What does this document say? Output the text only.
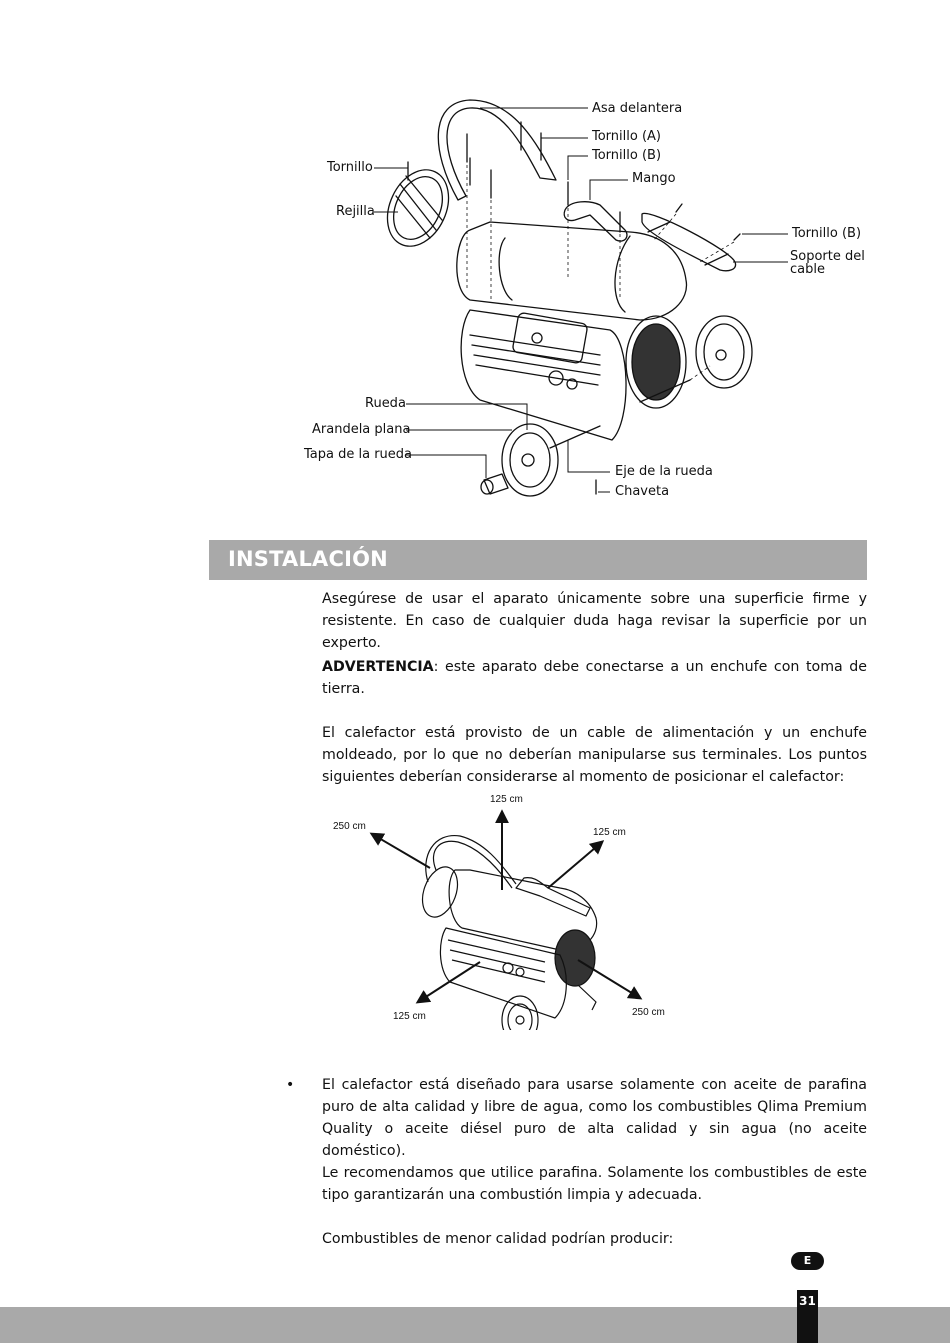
Asa delantera
Tornillo (A)
Tornillo (B)
Mango
Tornillo
Rejilla
Tornillo (B)
Soporte del
cable
Rueda
Arandela plana
Tapa de la rueda
Eje de la rueda
Chaveta
INSTALACIÓN

Asegúrese de usar el aparato únicamente sobre una superficie firme y resistente. En caso de cualquier duda haga revisar la superficie por un experto.

ADVERTENCIA: este aparato debe conectarse a un enchufe con toma de tierra.

El calefactor está provisto de un cable de alimentación y un enchufe moldeado, por lo que no deberían manipularse sus terminales. Los puntos siguientes deberían considerarse al momento de posicionar el calefactor:

125 cm
250 cm
125 cm
125 cm	250 cm
• El calefactor está diseñado para usarse solamente con aceite de parafina puro de alta calidad y libre de agua, como los combustibles Qlima Premium Quality o aceite diésel puro de alta calidad y sin agua (no aceite doméstico).

Le recomendamos que utilice parafina. Solamente los combustibles de este tipo garantizarán una combustión limpia y adecuada.

Combustibles de menor calidad podrían producir:

E
31
